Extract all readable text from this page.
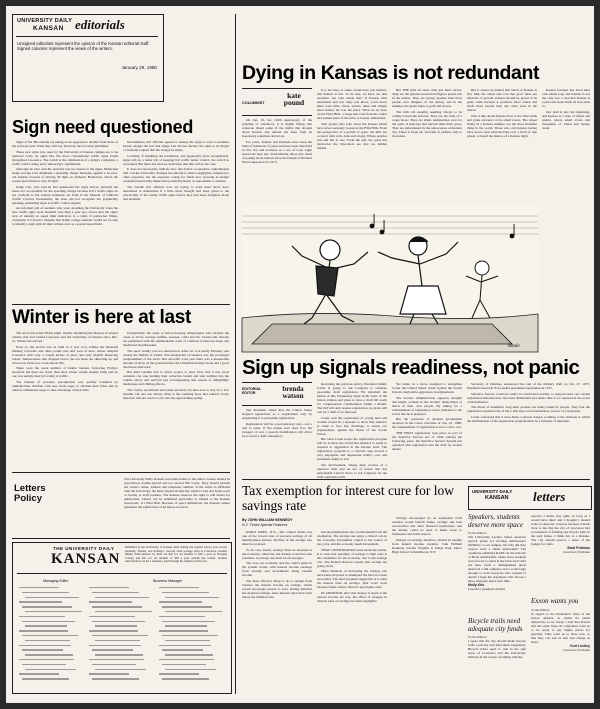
UNIVERSITY DAILY
KANSAN editorials
Unsigned editorials represent the opinion of the Kansan editorial staff. Signed columns represent the views of the writers.
January 29, 1980
Sign need questioned

Signs of the '80s already are taking on an appearance distinct from those of the previous year. What they will say, however, has not been published.

These new signs now used by the University of Kansas campus are to be replaced today by signs like the more conventional traffic signs found throughout Lawrence. The switch is the culmination of a judge's complaint, a traffic court's ruling and a university's capitulation.

Although he later said his decision was not based on the signs, Municipal Judge George Catt dismissed a speeding charge Thursday against a 22-year-old student accused of driving 39 mph on Jayhawk Boulevard, where the posted speed limit is only 20 mph.

Judge Catt, who said he had questioned the signs before, declared the buses not accountable for the speeding charge because KU's traffic signs do not conform to the federal standards set forth in the Manual of Uniform Traffic Control. Presumably, the state did not recognize the graphically pleasing, permitting signs as traffic control signals.

An informal poll of students who were attending the University when the new traffic signs were installed, less than a year ago, shows that the signs' lack of identity as speed limit indicators is a valid, if somewhat flimsy, complaint. It is hard to imagine that bright college students would not be able to identify a sign with 20 mph written on it as a posted speed limit.

Nevertheless, KU officials agreed to change the signs to avert a needless hassle, despite the fact that Judge Catt did not declare the signs to be illegal or formally request that the change be made.

Certainly, if installing the traditional, and apparently more recognizable, signs will do a better job of keeping KU traffic under control, the switch is warranted. But there has been no indication that this will be the case.

It does not necessarily indicate how much their cooperative capitalization will cost the University. Perhaps the amount is almost negligible compared to other expenses, but the expenses crying for funds now growing in budget considerations hardly makes that possibility likely or responsible to assume.

The 'bandit' KU officials now are trying to avert need never have threatened to materialize if a little more thought had been given to the practicality of the trendy traffic signs before they had been designed, made and installed.

Winter is here at last

The snow fell softly Friday night, silently disturbing the illusion of several winters that had visited Lawrence and the University of Kansas since Dec. 21. Winter has arrived.

Even so, the arrival was as calm as it was cool. Unlike the blizzards blasting Colorado and other points east and west of here, winter tempted Lawrence with only a couple inches of snow and only slightly menacing winds. Temperatures that dropped below the ten teens are skittering up and down now in the low-to-moderate 30s.

There were the usual number of fender benders following Friday's snowfall, but there are fewer than most winter storms usually bring and no one was unduly tried by faculty of traffic.

The blanket of powdery precipitation was quickly trampled by rambunctious children with new sleds eager to christen their rides and by outdoor enthusiasts eager to take advantage of their time.

Undoubtedly, the onset of below-freezing temperatures will catalyze the onset of above average sniffles, sneezes, colds and flu. Classrooms already are permeated with the unmistakable scent of comforts bottled-up drugs and medicated mouthwashes.

The snow readily was not unexpected. After all, it is nearly February and clearly the middle of winter. The unexpected occurrence was the prolonged postponement of the area's first snowfall. Last year there was a measurable amount of snow on the ground before the Christmas holiday break and a good deal more afterward.

But mild weather had to arrive sooner or later. Now that it has, most residents can stop holding their collective breath and start settling into the routine safety and survival tips accompanying this season of delightfully landscapes and chilling effects.

The circles, snowfields and winds probably are here now to stay for a few months, but one can always cling to the warming hope that winter's frosty tentacles will not reach too far into the approaching spring.

Letters Policy
The University Daily Kansan welcomes letters to the editor. Letters should be typewritten, double-spaced and not exceed 300 words. They should include the writer's name, address and telephone number. If the writer is affiliated with the University, the letter should include the writer's class and home town or faculty or staff position. The Kansan reserves the right to edit letters for publication. Letters can be submitted personally or mailed to the Kansan newsroom, 111 Flint Hall. Because of space limitations, the Kansan cannot guarantee the publication of all letters received.
THE UNIVERSITY DAILY
KANSAN
Published at the University of Kansas daily during the regular school year except Saturday, Sunday and holidays. Second class postage paid at Lawrence, Kansas 66044. Subscriptions by mail are $18 for six months or $30 a year in Douglas County and $21 for six months or $30 a year outside the county. Student subscriptions are $2 a semester, paid through the student activity fee.
Managing Editor	Business Manager
Dying in Kansas is not redundant
COLUMNIST
kate pound

On Jan. 19, the 110th anniversary of the granting of statehood, it is highly fitting that someone dispel some of the myths that abound about Kansas and defend the state from its hopelessly relentless detractors.

For years, Kansas and Kansans have been the butts of hundreds of jokes and have been described as flat, flat and nowhere as a sea of Corn Light spread six days ago. Undoubtedly, those who insist on joking about Kansas have the insight of Richard Nixon supporters in 1973.

It is not true, as some would have you believe, that Kansas is flat. To be sure, we have our dull stretches, but who needs that? If Kansas with mountains and wet rings you know, you'd know there were hills, rivers, prairie, lakes and simply more hollow all over the place. What we do have on the Flint Hills, a range that rolls from the center and eastern parts of the state, is beauty unmatched.

That people who joke about the Kansas plains have never seriously looked at the Flint Hills. From the perspective of a prairie of grass, the hills are covered with rock, dark and strong. Whole prairies rise and fall as one. From the soil, the grass has intricacies the binoculars see that are hidden behind.

But THE hills are more than just their curves. They are the greatest preserved tallgrass prairie left in the nation. They are grassy, greener than most people ever imagine, in the spring, and in the summer, the green fades to gold and brown.

The hills roll steadily, seeming always to be rolling toward the horizon. They are the rider of a rodeo bronc. They are silent, undisturbed, save for the quail of pick-ups that harvest their thick grass. They are unburdened by the annoyances of modern city. There is fresh air, and time is endless only to its stature.

But it cannot be denied that much of Kansas is flat. Still, the wheat and corn that grow there are miracles of growth. Kansas should be proud of its grain wells because it produces more wheat and feeds more people than any other state in the nation.

Who I like about Kansas most is the flour mills and grain elevators of its small towns. The wheat fields, in a Kansas summer, are the most beautiful thing in the world. Those who call Kansas boring have never seen wind moving over a field of ripe wheat, or heard the silence of a Kansas night.

Kansas fortunes has lived their own ideals long and Kansas is not the only one. I read that Kansas is a place the heart finds its way back to.

Our land is just the beginning, and Kansas is a state of wheat and prairie, where small towns and mountains of wheat and beauty await.

Rhule
Sign up signals readiness, not panic
EDITORIAL EDITOR
brenda watson

Reversing the previous policy, President Jimmy Carter is going to ask Congress to reinstate peacetime draft registration. He informed the nation of this Wednesday night in his State of the Union address and plans to have a draft bill ready for congressional consideration within a month. The bill will only require registration; no plans will call for a draft to be imposed.

Carter said the registration of young men and women would be a measure to show that America is ready to face any challenge, to assure our preparedness against the threat of the Soviet Union.

But what Carter hopes the registration program will do is show the world that America is ready to respond to aggression in the Persian Gulf. The registration program is a concrete step toward a very unpopular and unpleasant reality—war and statesmen doing so war.

Our involvement, brings deep worries of a renewed draft and an era of unrest that has surrounded Carter's move to ask Congress for the draft registration bill.

Yet rather as a move designed to strengthen Carter the United States' stand against the Soviet Union's deplorable aggression in Afghanistan.

The Soviets administration supports strength and might, evident in the Soviets' deployment of much of their own people. By asking for a reinstatement of registration Carter indicates to the world that he is prepared.

But the pressures of modern government declared in the Carter Doctrine of Jan. 23, 1980, the reinstatement of registration is not a call to war.

THE FIRST registration took place as part of the Selective Service Act of 1940. During the following years, the Selective Service System has operated with registration and the draft by several means.

Secretary of Defense, announced the end of the military draft on Jan. 27, 1973. President Gerald R. Ford ended peacetime registration in 1975.

Selective Service could not easily be reactivated quickly to respond since our current registration infrastructure has been dismantled and needs time to be restored in the event of mobilization.

The threat of indefinite, long-term protests are being raised by people. They fear the registration system today is but a first step toward mandatory service of young men.

Carter concurred that it does mean a serious danger, pointing to the tensions to which the mobilization of the registration program must be a measure of deterrent.

The President stated that the United States stopped registration as a requirement only by suspending it to peacetime registration.

Registration will be a precautionary step—not a call to arms. If the nation ever does face the prospect of war, a speedy mobilization will allow us to avoid a draft emergency.

Tax exemption for interest cure for low savings rate
By JOHN WILLIAM KENNEDY
N.Y. Times Special Features

KINGS PARK, N.Y.—The United States has one of the lowest rates of personal savings of all industrialized nations. Decline of the savings rate must be reversed.

To be very useful, savings must be invested in the economy; otherwise, the savings would become pointless. A savings rate must be encouraged.

The way our economy and the capital gains in the system works, with interest income earnings from savings and investments being taxable income.

The most effective thing to do is exempt from taxation the interest income on savings, which would encourage people to save. Rising inflation has deterred savings, since interest rates have been below the inflation rate.

Personal institutions also would benefit from the exemption. The savings rate plays a critical role in the economy. Investment capital is the source of new jobs, and the economy needs investment.

THAT CONSERVATION need heads the nation. It is clear that spending of savings to high rates is the consumers for the economy, due to the savings rate. The Federal Reserve reports that savings are going down.

Other methods of increasing the savings rate have been proposed or attempted but have not been successful. The most frequent suggestion is to raise the interest rates on savings. That won't work because banks cannot afford to pay higher rates.

IN ADDITION, after that money is taxed at the current income tax rate, the effect of changes in interest rates on savings becomes negligible.

Savings encouraged by an exemption from taxation would benefit banks, savings and loan associations and other financial institutions, and the money could be used to make loans to businesses and home buyers.

Interest on savings, therefore, should be exempt from federal income taxation. John William Kennedy teaches English at Kings Park Junior High School in Smithtown, N.Y.

UNIVERSITY DAILY
KANSAN letters
Speakers, students deserve more space
To the Editor:
The University Lecture Series deserves special praise for inviting Ambassador McHenry to our campus, but why did they reserve such a small auditorium? The ceremony exhibited KANU in the balcony of Hoch Auditorium, where most students were forced to stand in the back and could not hear. Such a distinguished guest deserved a full audience and a room large enough to hold everyone who wanted to attend. I hope the organizers will choose a more adequate space next time.
Molly Kirk
Lawrence graduate student
Bicycle trails need adequate city funds
To the Editor:
I agree that the city should make bicycle trails a priority and fund them adequately. Bicycle riders need to ride in the safe areas of Lawrence and the University. Perhaps in the course of talking with the
reporter I didn't stay quite as long as I would have liked and I thought I should write to share my concern, because it made clear to me that the city of Lawrence had no intention of funding any bicycle trails in the near future. I think this is a mistake. The city should reserve a share of the budget for trails.
Brad Feldman
Lawrence freshman
Exxon wants you
To the Editor:
In regard to the President's State of the Union address, in which he asked Americans to be ready, I feel that Exxon and the other large oil companies want us to be ready to pay higher prices for gasoline. They want us to drive less, so that they can sell us less and charge us more.
Kurt Lindley
Lawrence freshman
